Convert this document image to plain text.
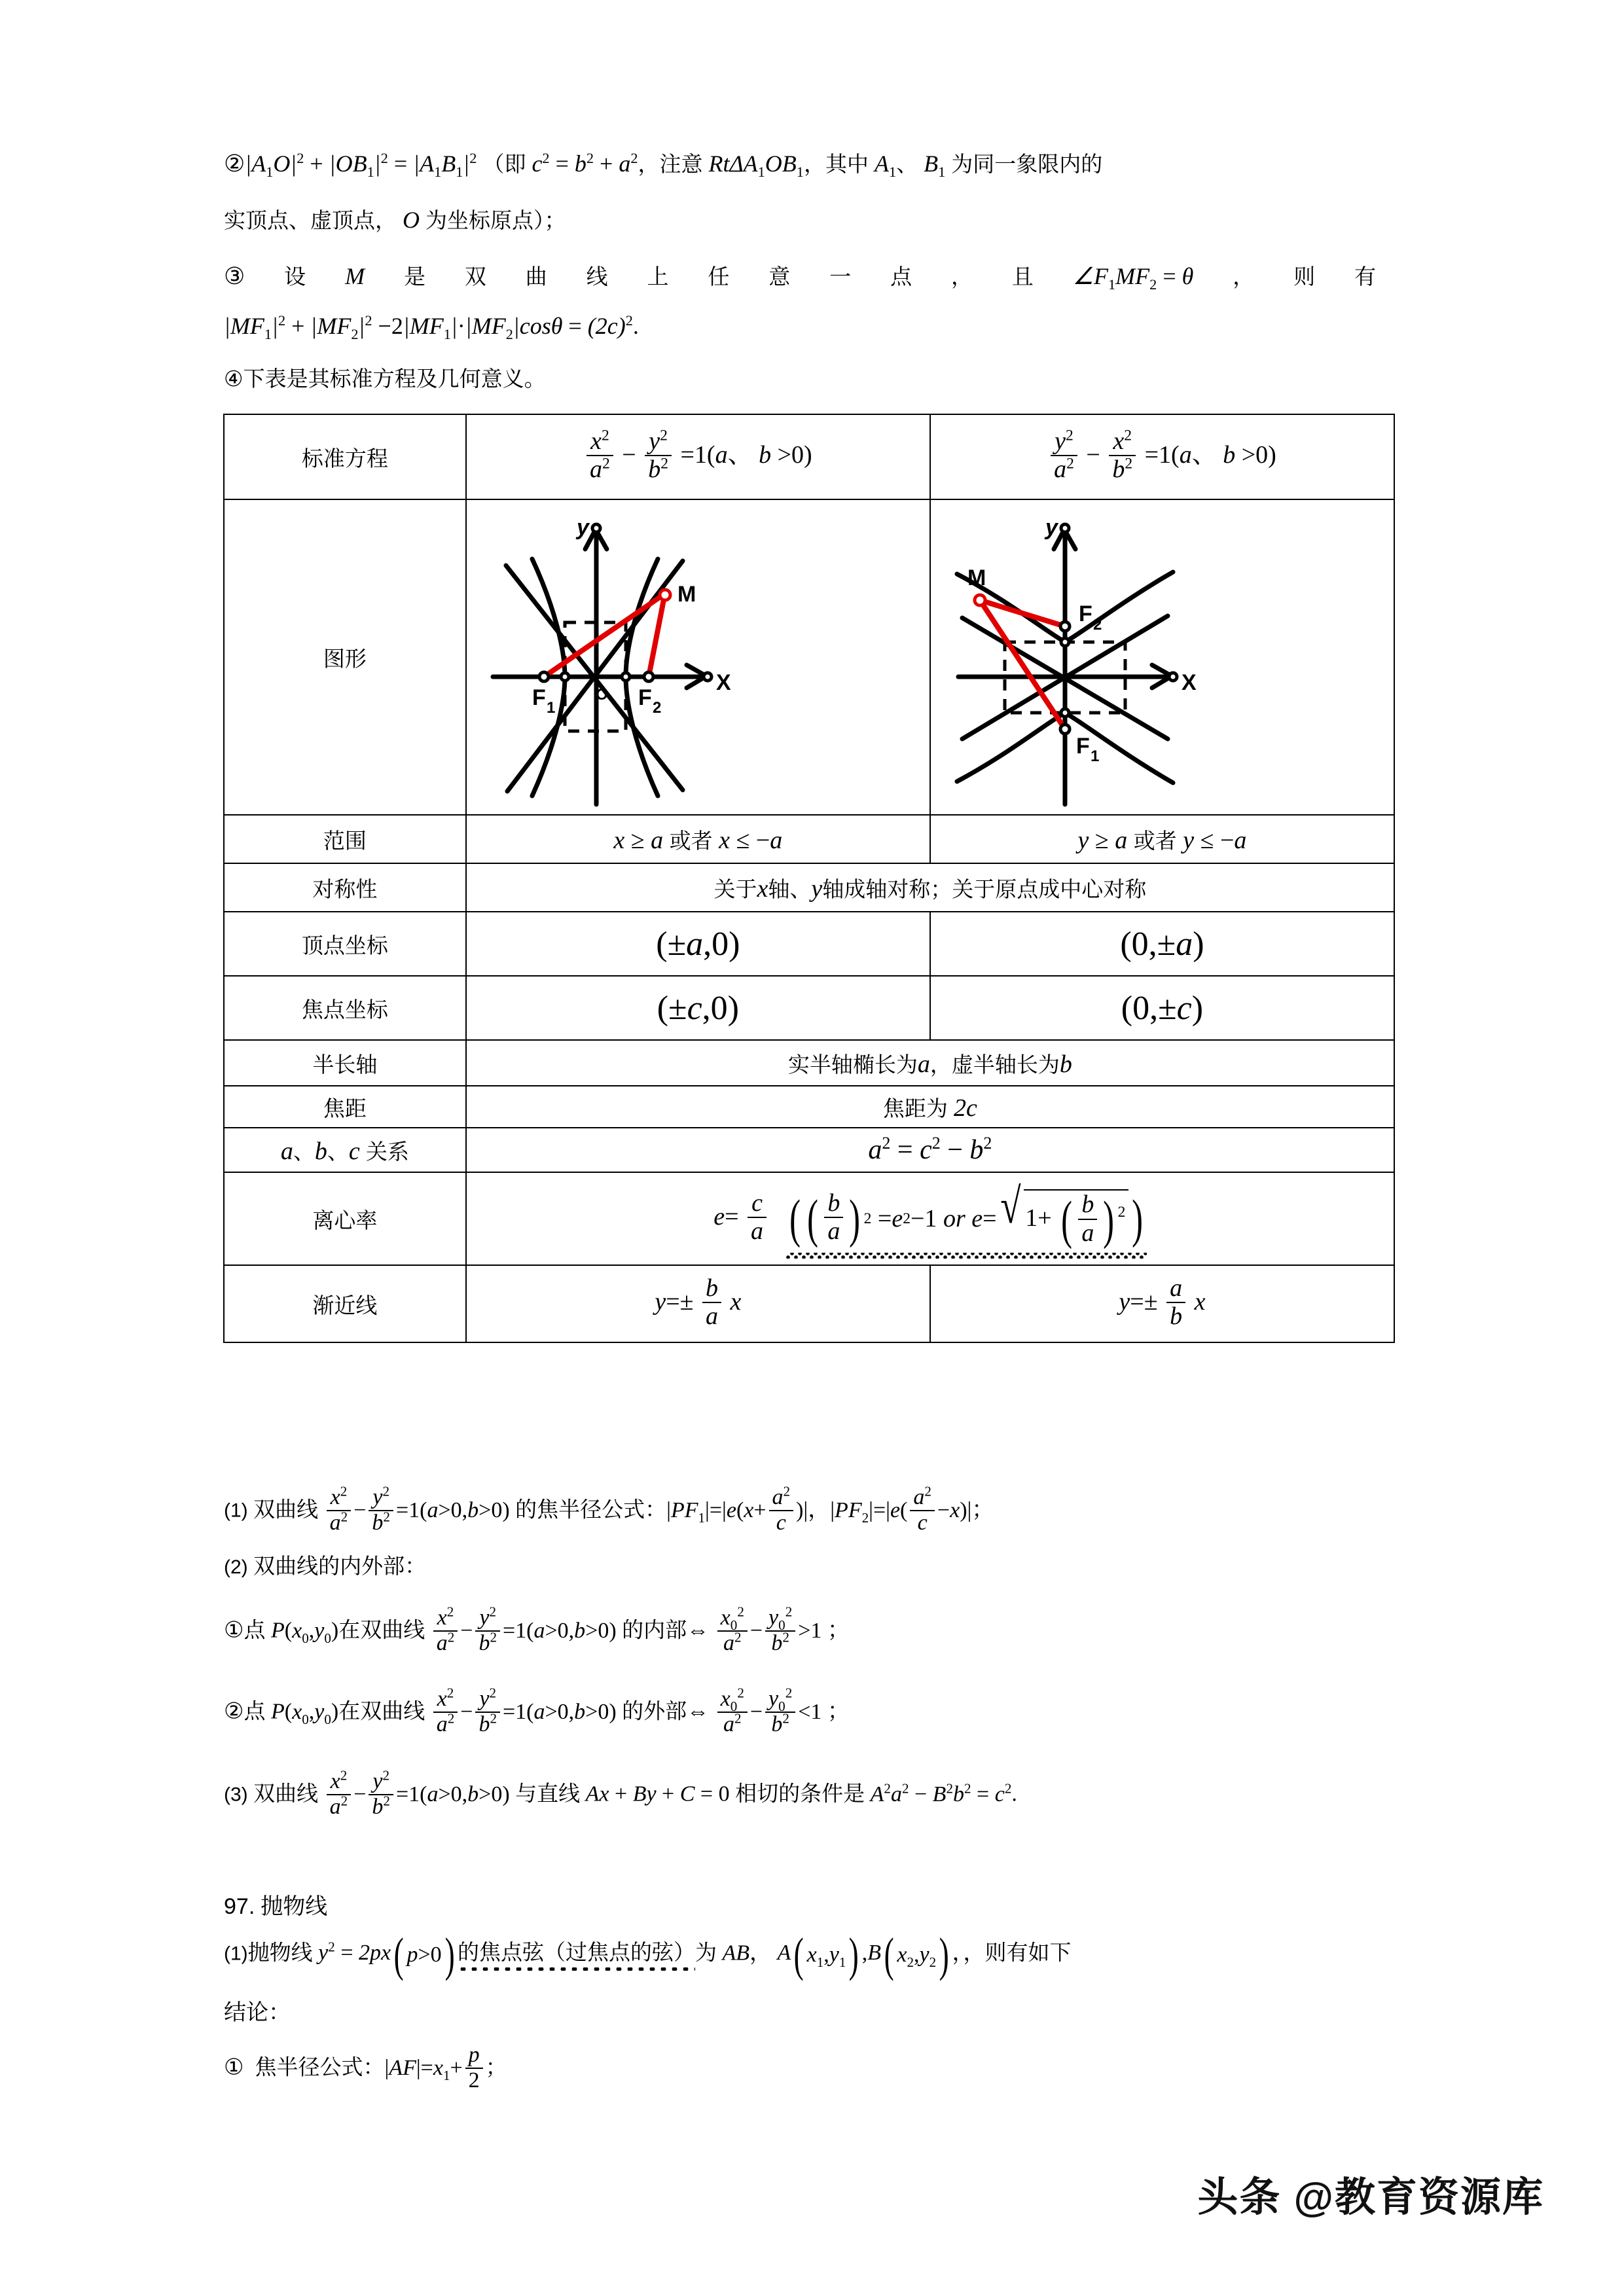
$②|A_1O|^2 + |OB_1|^2 = |A_1B_1|^2$ （即 $c^2 = b^2 + a^2$，注意 $Rt\Delta A_1OB_1$，其中 $A_1$、 $B_1$ 为同一象限内的
实顶点、虚顶点， O 为坐标原点）；
③ 设 M 是 双 曲 线 上 任 意 一 点 ， 且 $\angle F_1MF_2 = \theta$ ， 则 有
$|MF_1|^2 + |MF_2|^2 -2|MF_1|\cdot|MF_2|\cos\theta = (2c)^2$.
④下表是其标准方程及几何意义。
标准方程	$\frac{x^2}{a^2} - \frac{y^2}{b^2} =1(a$、 b >0)	$\frac{y^2}{a^2} - \frac{x^2}{b^2} =1(a$、 b >0)
图形	
X
y
O
F 1	F 2
M

X
y
M
F 2
F 1

范围	x ≥ a 或者 x ≤ −a	y ≥ a 或者 y ≤ −a
对称性	关于x轴、y轴成轴对称；关于原点成中心对称	
顶点坐标	(±a,0)	(0,±a)
焦点坐标	(±c,0)	(0,±c)
半长轴	实半轴椭长为a，虚半轴长为b	
焦距	焦距为 2c	
a、b、c 关系	$a^2 = c^2 - b^2$
离心率	$e= \frac{c}{a}$ ( ( $\frac{b}{a}$ ) 2 = e 2 −1
or
e = √ 1+ ( $\frac{b}{a}$ ) $^2$ )

渐近线	$y=\pm \frac{b}{a}$ x	$y=\pm \frac{a}{b}$ x
(1) 双曲线 $\frac{x^2}{a^2} - \frac{y^2}{b^2} =1(a>0,b>0)$ 的焦半径公式：$|PF_1|=|e(x+ \frac{a^2}{c}$ )|，$|PF_2|=|e( \frac{a^2}{c} -x)|$；
(2) 双曲线的内外部：
①点 $P(x_0,y_0)$在双曲线 $\frac{x^2}{a^2} - \frac{y^2}{b^2} =1(a>0,b>0)$ 的内部⇔ $\frac{x_0^2}{a^2} - \frac{y_0^2}{b^2} >1$ ；
②点 $P(x_0,y_0)$在双曲线 $\frac{x^2}{a^2} - \frac{y^2}{b^2} =1(a>0,b>0)$ 的外部⇔ $\frac{x_0^2}{a^2} - \frac{y_0^2}{b^2} <1$ ；
(3) 双曲线 $\frac{x^2}{a^2} - \frac{y^2}{b^2} =1(a>0,b>0)$ 与直线 Ax + By + C = 0 相切的条件是 $A^2a^2 - B^2b^2 = c^2$.
97. 抛物线
(1)抛物线 $y^2 = 2px$ ( p >0 ) 的焦点弦（过焦点的弦）为 AB， A ( $x_1$ , $y_1$ ) ,B ( $x_2$ , $y_2$ ) ，，则有如下
结论：
① 焦半径公式：$|AF|=x_1+ \frac{p}{2}$ ；
头条 @教育资源库
